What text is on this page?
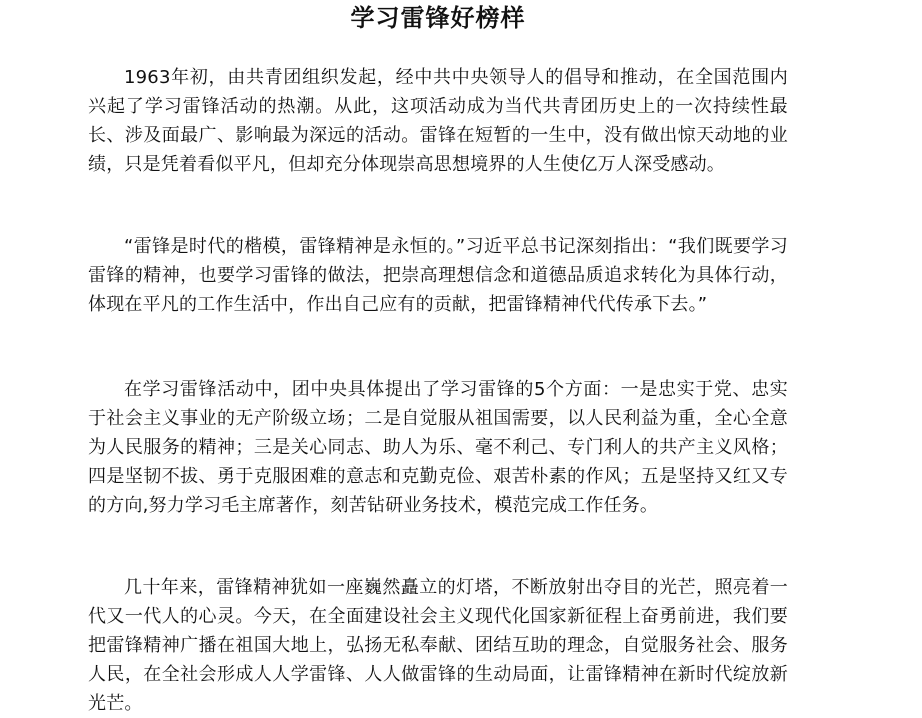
学习雷锋好榜样

1963年初，由共青团组织发起，经中共中央领导人的倡导和推动，在全国范围内兴起了学习雷锋活动的热潮。从此，这项活动成为当代共青团历史上的一次持续性最长、涉及面最广、影响最为深远的活动。雷锋在短暂的一生中，没有做出惊天动地的业绩，只是凭着看似平凡，但却充分体现崇高思想境界的人生使亿万人深受感动。

“雷锋是时代的楷模，雷锋精神是永恒的。”习近平总书记深刻指出：“我们既要学习雷锋的精神，也要学习雷锋的做法，把崇高理想信念和道德品质追求转化为具体行动，体现在平凡的工作生活中，作出自己应有的贡献，把雷锋精神代代传承下去。”

在学习雷锋活动中，团中央具体提出了学习雷锋的5个方面：一是忠实于党、忠实于社会主义事业的无产阶级立场；二是自觉服从祖国需要，以人民利益为重，全心全意为人民服务的精神；三是关心同志、助人为乐、毫不利己、专门利人的共产主义风格；四是坚韧不拔、勇于克服困难的意志和克勤克俭、艰苦朴素的作风；五是坚持又红又专的方向,努力学习毛主席著作，刻苦钻研业务技术，模范完成工作任务。

几十年来，雷锋精神犹如一座巍然矗立的灯塔，不断放射出夺目的光芒，照亮着一代又一代人的心灵。今天，在全面建设社会主义现代化国家新征程上奋勇前进，我们要把雷锋精神广播在祖国大地上，弘扬无私奉献、团结互助的理念，自觉服务社会、服务人民，在全社会形成人人学雷锋、人人做雷锋的生动局面，让雷锋精神在新时代绽放新光芒。
